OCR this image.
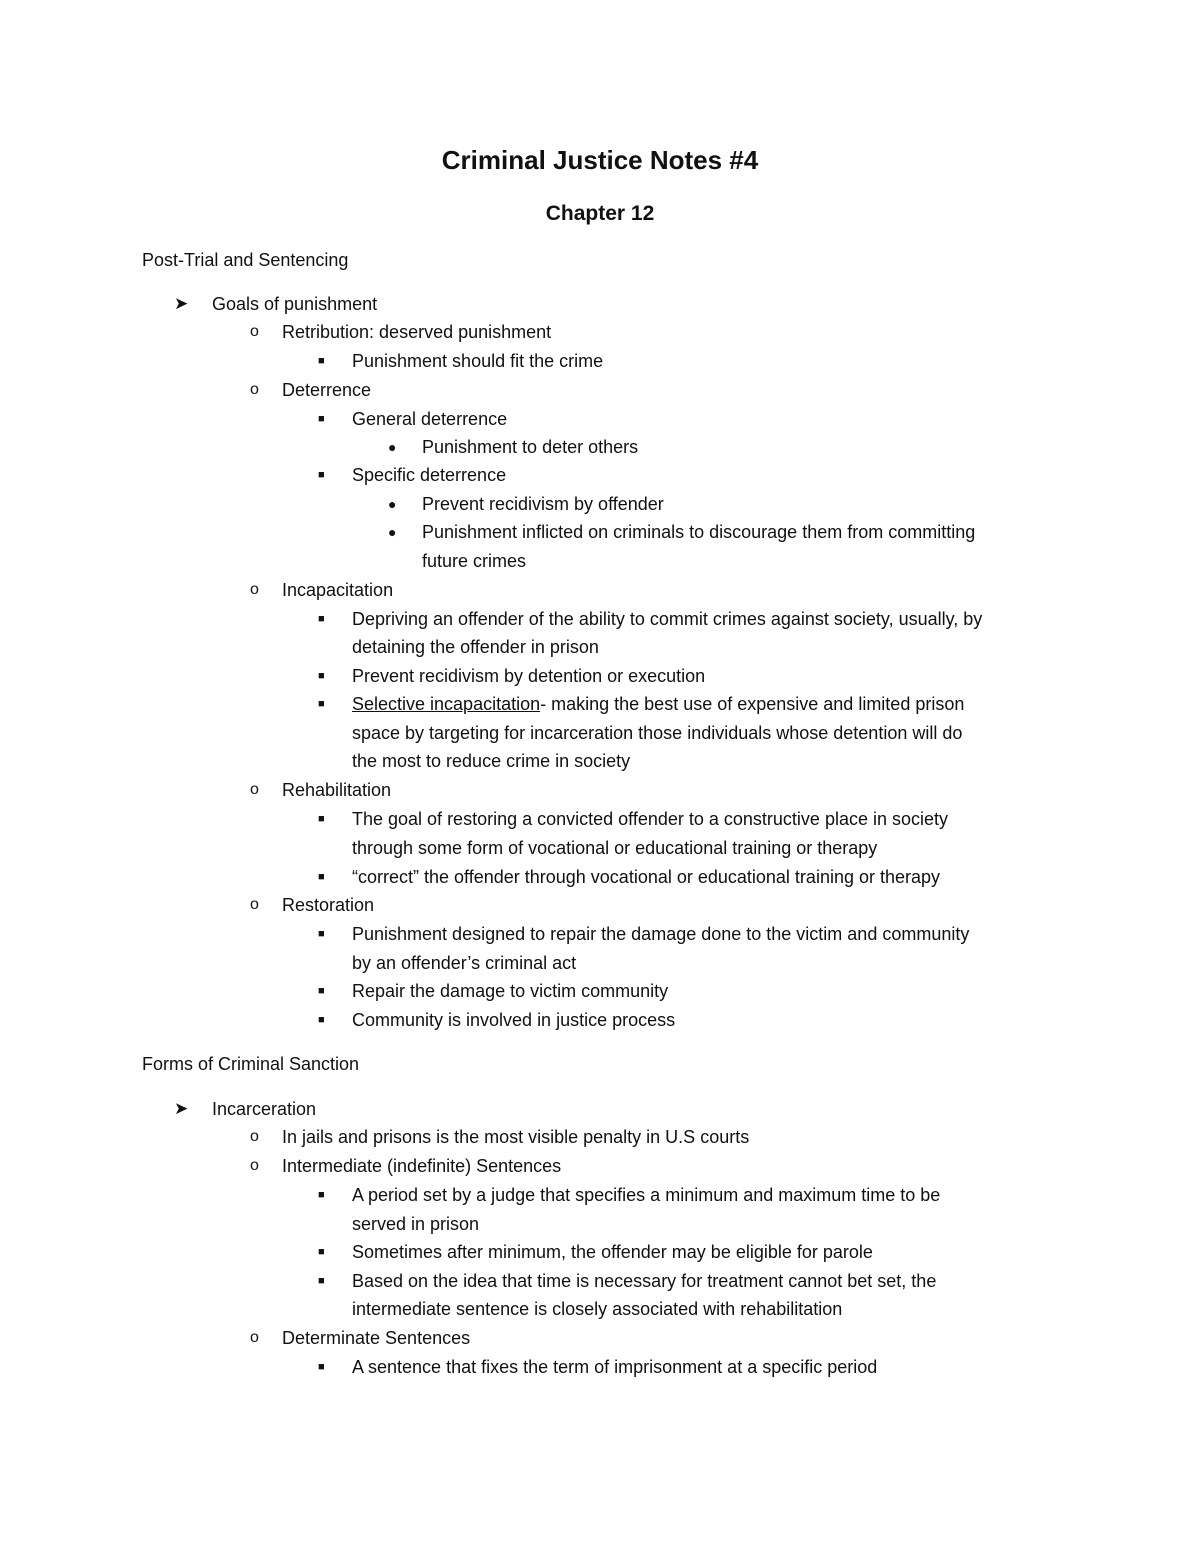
Criminal Justice Notes #4
Chapter 12

Post-Trial and Sentencing

➤ Goals of punishment
o Retribution: deserved punishment
■ Punishment should fit the crime
o Deterrence
■ General deterrence
● Punishment to deter others
■ Specific deterrence
● Prevent recidivism by offender
● Punishment inflicted on criminals to discourage them from committing
future crimes
o Incapacitation
■ Depriving an offender of the ability to commit crimes against society, usually, by
detaining the offender in prison
■ Prevent recidivism by detention or execution
■ Selective incapacitation- making the best use of expensive and limited prison
space by targeting for incarceration those individuals whose detention will do
the most to reduce crime in society
o Rehabilitation
■ The goal of restoring a convicted offender to a constructive place in society
through some form of vocational or educational training or therapy
■ “correct” the offender through vocational or educational training or therapy
o Restoration
■ Punishment designed to repair the damage done to the victim and community
by an offender’s criminal act
■ Repair the damage to victim community
■ Community is involved in justice process

Forms of Criminal Sanction

➤ Incarceration
o In jails and prisons is the most visible penalty in U.S courts
o Intermediate (indefinite) Sentences
■ A period set by a judge that specifies a minimum and maximum time to be
served in prison
■ Sometimes after minimum, the offender may be eligible for parole
■ Based on the idea that time is necessary for treatment cannot bet set, the
intermediate sentence is closely associated with rehabilitation
o Determinate Sentences
■ A sentence that fixes the term of imprisonment at a specific period
